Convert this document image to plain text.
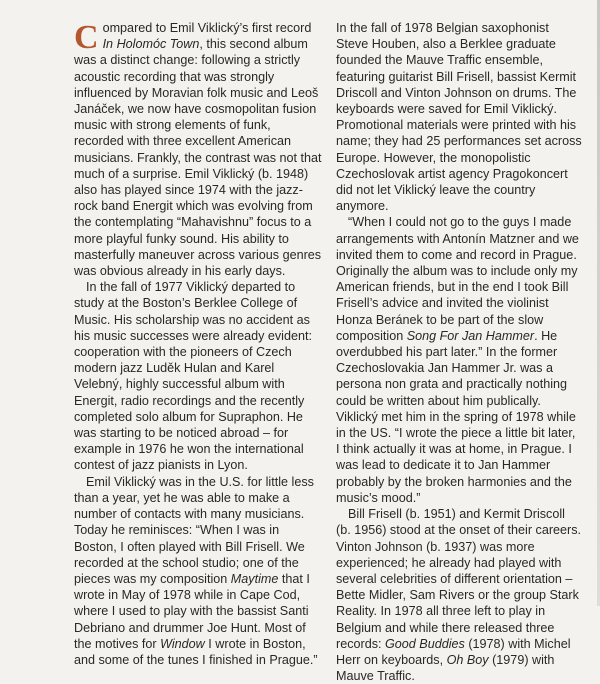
Compared to Emil Viklický’s first record In Holomóc Town, this second album was a distinct change: following a strictly acoustic recording that was strongly influenced by Moravian folk music and Leoš Janáček, we now have cosmopolitan fusion music with strong elements of funk, recorded with three excellent American musicians. Frankly, the contrast was not that much of a surprise. Emil Viklický (b. 1948) also has played since 1974 with the jazz-rock band Energit which was evolving from the contemplating “Mahavishnu” focus to a more playful funky sound. His ability to masterfully maneuver across various genres was obvious already in his early days.

In the fall of 1977 Viklický departed to study at the Boston’s Berklee College of Music. His scholarship was no accident as his music successes were already evident: cooperation with the pioneers of Czech modern jazz Luděk Hulan and Karel Velebný, highly successful album with Energit, radio recordings and the recently completed solo album for Supraphon. He was starting to be noticed abroad – for example in 1976 he won the international contest of jazz pianists in Lyon.

Emil Viklický was in the U.S. for little less than a year, yet he was able to make a number of contacts with many musicians. Today he reminisces: “When I was in Boston, I often played with Bill Frisell. We recorded at the school studio; one of the pieces was my composition Maytime that I wrote in May of 1978 while in Cape Cod, where I used to play with the bassist Santi Debriano and drummer Joe Hunt. Most of the motives for Window I wrote in Boston, and some of the tunes I finished in Prague.”

In the fall of 1978 Belgian saxophonist Steve Houben, also a Berklee graduate founded the Mauve Traffic ensemble, featuring guitarist Bill Frisell, bassist Kermit Driscoll and Vinton Johnson on drums. The keyboards were saved for Emil Viklický. Promotional materials were printed with his name; they had 25 performances set across Europe. However, the monopolistic Czechoslovak artist agency Pragokoncert did not let Viklický leave the country anymore.

“When I could not go to the guys I made arrangements with Antonín Matzner and we invited them to come and record in Prague. Originally the album was to include only my American friends, but in the end I took Bill Frisell’s advice and invited the violinist Honza Beránek to be part of the slow composition Song For Jan Hammer. He overdubbed his part later.” In the former Czechoslovakia Jan Hammer Jr. was a persona non grata and practically nothing could be written about him publically. Viklický met him in the spring of 1978 while in the US. “I wrote the piece a little bit later, I think actually it was at home, in Prague. I was lead to dedicate it to Jan Hammer probably by the broken harmonies and the music’s mood.”

Bill Frisell (b. 1951) and Kermit Driscoll (b. 1956) stood at the onset of their careers. Vinton Johnson (b. 1937) was more experienced; he already had played with several celebrities of different orientation – Bette Midler, Sam Rivers or the group Stark Reality. In 1978 all three left to play in Belgium and while there released three records: Good Buddies (1978) with Michel Herr on keyboards, Oh Boy (1979) with Mauve Traffic.
